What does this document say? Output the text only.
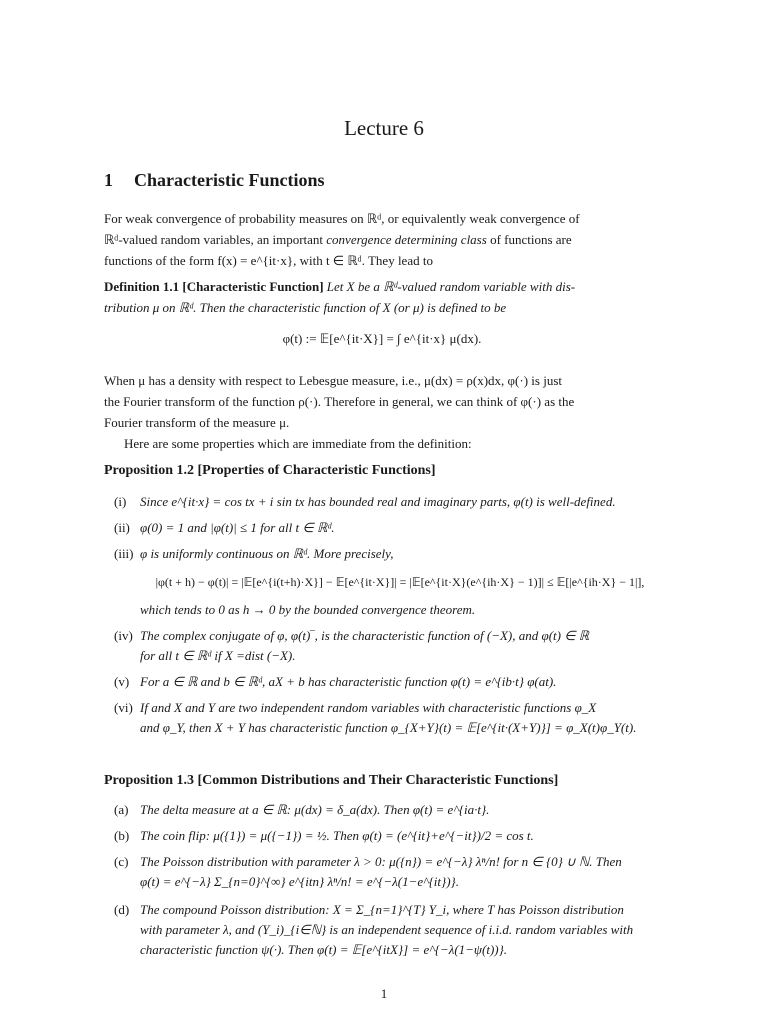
Lecture 6
1 Characteristic Functions
For weak convergence of probability measures on ℝᵈ, or equivalently weak convergence of
ℝᵈ-valued random variables, an important convergence determining class of functions are
functions of the form f(x) = e^{it·x}, with t ∈ ℝᵈ. They lead to
Definition 1.1 [Characteristic Function] Let X be a ℝᵈ-valued random variable with dis-
tribution μ on ℝᵈ. Then the characteristic function of X (or μ) is defined to be
φ(t) := 𝔼[e^{it·X}] = ∫ e^{it·x} μ(dx).
When μ has a density with respect to Lebesgue measure, i.e., μ(dx) = ρ(x)dx, φ(·) is just
the Fourier transform of the function ρ(·). Therefore in general, we can think of φ(·) as the
Fourier transform of the measure μ.
Here are some properties which are immediate from the definition:
Proposition 1.2 [Properties of Characteristic Functions]
(i) Since e^{it·x} = cos tx + i sin tx has bounded real and imaginary parts, φ(t) is well-defined.
(ii) φ(0) = 1 and |φ(t)| ≤ 1 for all t ∈ ℝᵈ.
(iii) φ is uniformly continuous on ℝᵈ. More precisely,
|φ(t + h) − φ(t)| = |𝔼[e^{i(t+h)·X}] − 𝔼[e^{it·X}]| = |𝔼[e^{it·X}(e^{ih·X} − 1)]| ≤ 𝔼[|e^{ih·X} − 1|],
which tends to 0 as h → 0 by the bounded convergence theorem.
(iv) The complex conjugate of φ, φ(t)‾, is the characteristic function of (−X), and φ(t) ∈ ℝ
for all t ∈ ℝᵈ if X =dist (−X).
(v) For a ∈ ℝ and b ∈ ℝᵈ, aX + b has characteristic function φ(t) = e^{ib·t} φ(at).
(vi) If and X and Y are two independent random variables with characteristic functions φ_X
and φ_Y, then X + Y has characteristic function φ_{X+Y}(t) = 𝔼[e^{it·(X+Y)}] = φ_X(t)φ_Y(t).
Proposition 1.3 [Common Distributions and Their Characteristic Functions]
(a) The delta measure at a ∈ ℝ: μ(dx) = δ_a(dx). Then φ(t) = e^{ia·t}.
(b) The coin flip: μ({1}) = μ({−1}) = ½. Then φ(t) = (e^{it}+e^{−it})/2 = cos t.
(c) The Poisson distribution with parameter λ > 0: μ({n}) = e^{−λ} λⁿ/n! for n ∈ {0} ∪ ℕ. Then
φ(t) = e^{−λ} Σ_{n=0}^{∞} e^{itn} λⁿ/n! = e^{−λ(1−e^{it})}.
(d) The compound Poisson distribution: X = Σ_{n=1}^{T} Y_i, where T has Poisson distribution
with parameter λ, and (Y_i)_{i∈ℕ} is an independent sequence of i.i.d. random variables with
characteristic function ψ(·). Then φ(t) = 𝔼[e^{itX}] = e^{−λ(1−ψ(t))}.
1
